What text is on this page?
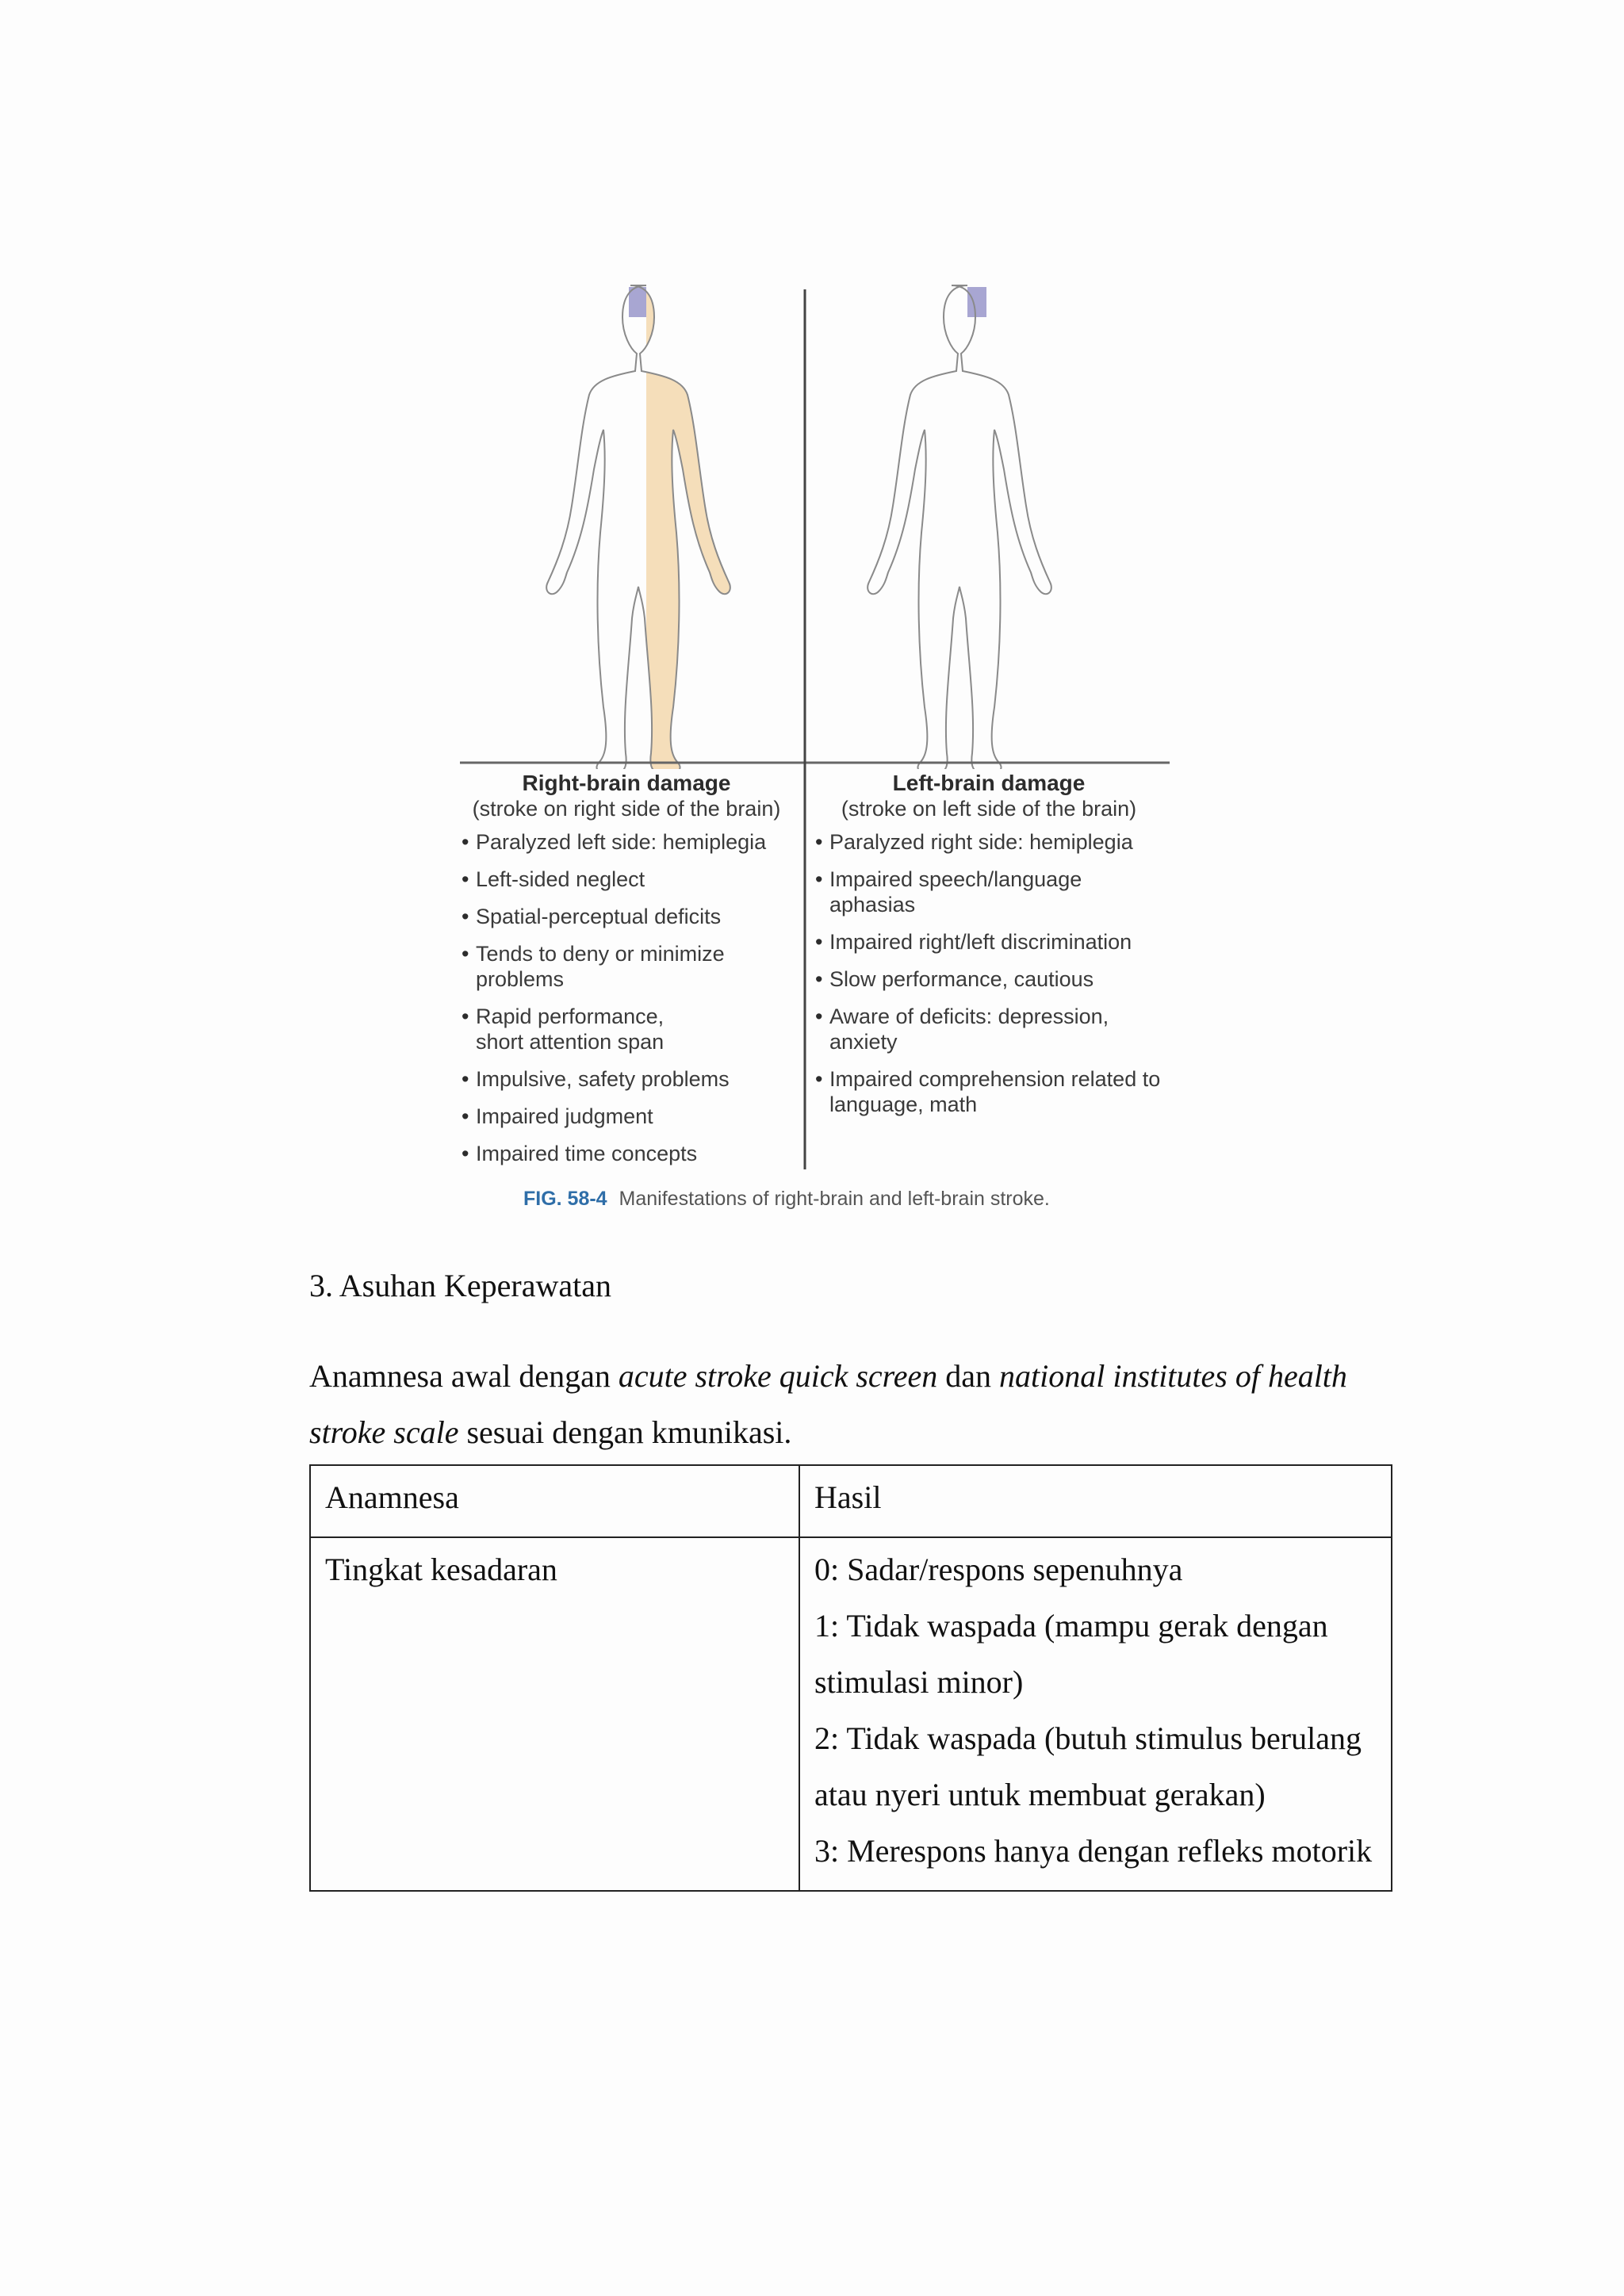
Right-brain damage
(stroke on right side of the brain)
• Paralyzed left side: hemiplegia
• Left-sided neglect
• Spatial-perceptual deficits
• Tends to deny or minimize problems
• Rapid performance, short attention span
• Impulsive, safety problems
• Impaired judgment
• Impaired time concepts
Left-brain damage
(stroke on left side of the brain)
• Paralyzed right side: hemiplegia
• Impaired speech/language aphasias
• Impaired right/left discrimination
• Slow performance, cautious
• Aware of deficits: depression, anxiety
• Impaired comprehension related to language, math
FIG. 58-4 Manifestations of right-brain and left-brain stroke.
3. Asuhan Keperawatan

Anamnesa awal dengan acute stroke quick screen dan national institutes of health stroke scale sesuai dengan kmunikasi.

Anamnesa	Hasil
Tingkat kesadaran	0: Sadar/respons sepenuhnya
1: Tidak waspada (mampu gerak dengan stimulasi minor)
2: Tidak waspada (butuh stimulus berulang atau nyeri untuk membuat gerakan)
3: Merespons hanya dengan refleks motorik
